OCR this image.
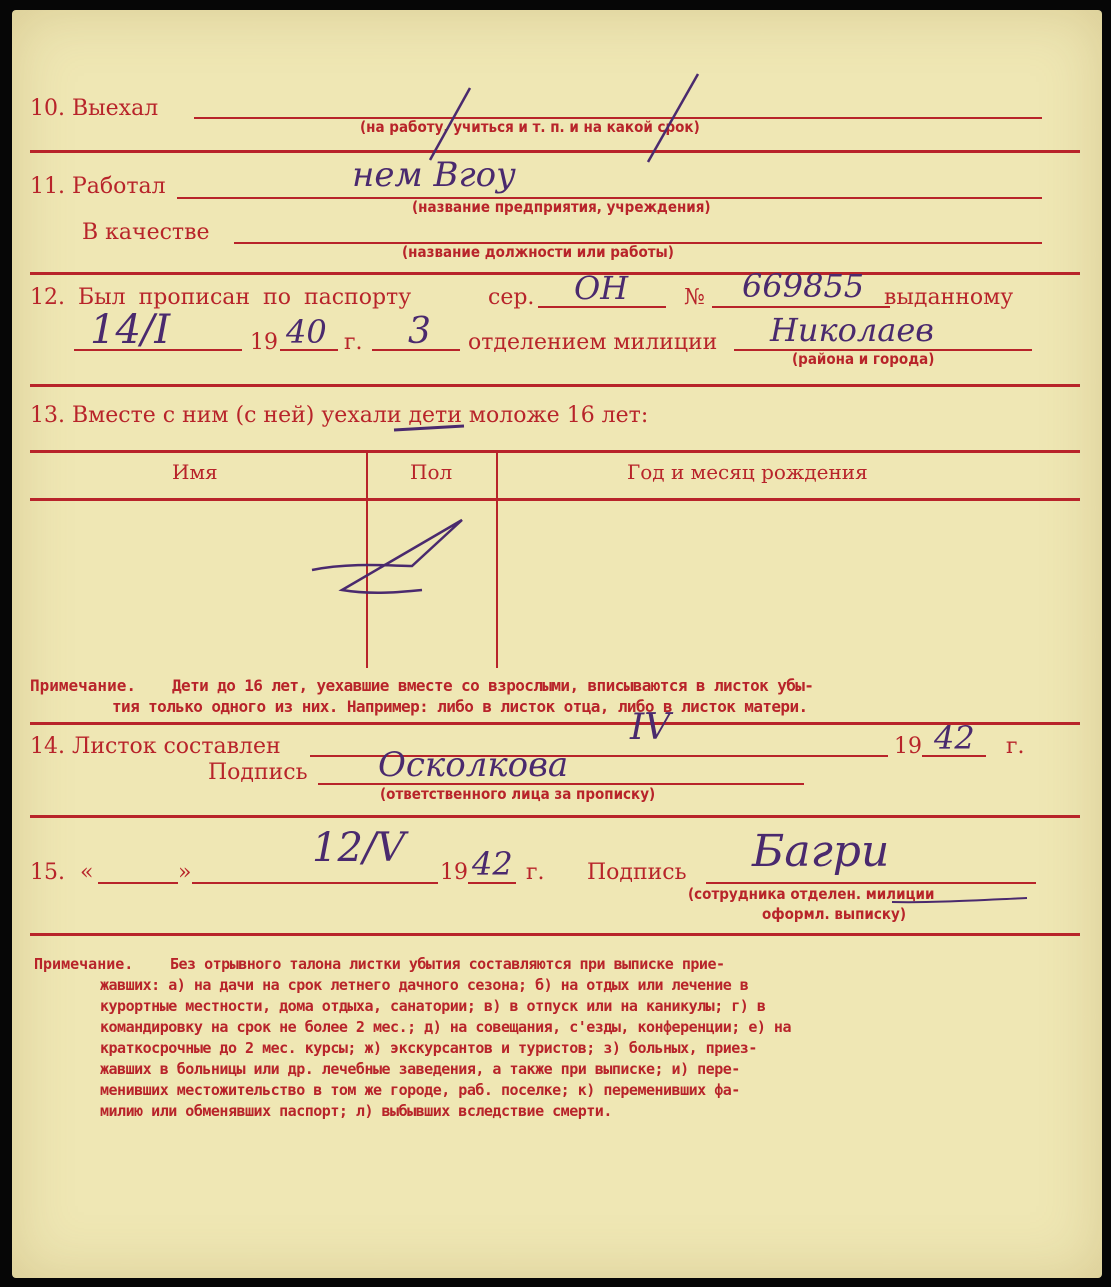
10. Выехал
(на работу, учиться и т. п. и на какой срок)
11. Работал	нем Вгоу
(название предприятия, учреждения)
В качестве
(название должности или работы)
12. Был прописан по паспорту	сер. ОН	№ 669855 выданному
14/I	19 40 г. 3 отделением милиции Николаев
(района и города)
13. Вместе с ним (с ней) уехали дети моложе 16 лет:
Имя	Пол	Год и месяц рождения
Примечание. Дети до 16 лет, уехавшие вместе со взрослыми, вписываются в листок убы-
тия только одного из них. Например: либо в листок отца, либо в листок матери.
14. Листок составлен	IV	19 42 г.
Подпись Осколкова
(ответственного лица за прописку)
15. «	»
12/V
19 42 г. Подпись Багри
(сотрудника отделен. милиции
оформл. выписку)
Примечание. Без отрывного талона листки убытия составляются при выписке прие-
жавших: а) на дачи на срок летнего дачного сезона; б) на отдых или лечение в
курортные местности, дома отдыха, санатории; в) в отпуск или на каникулы; г) в
командировку на срок не более 2 мес.; д) на совещания, с'езды, конференции; е) на
краткосрочные до 2 мес. курсы; ж) экскурсантов и туристов; з) больных, приез-
жавших в больницы или др. лечебные заведения, а также при выписке; и) пере-
менивших местожительство в том же городе, раб. поселке; к) переменивших фа-
милию или обменявших паспорт; л) выбывших вследствие смерти.
